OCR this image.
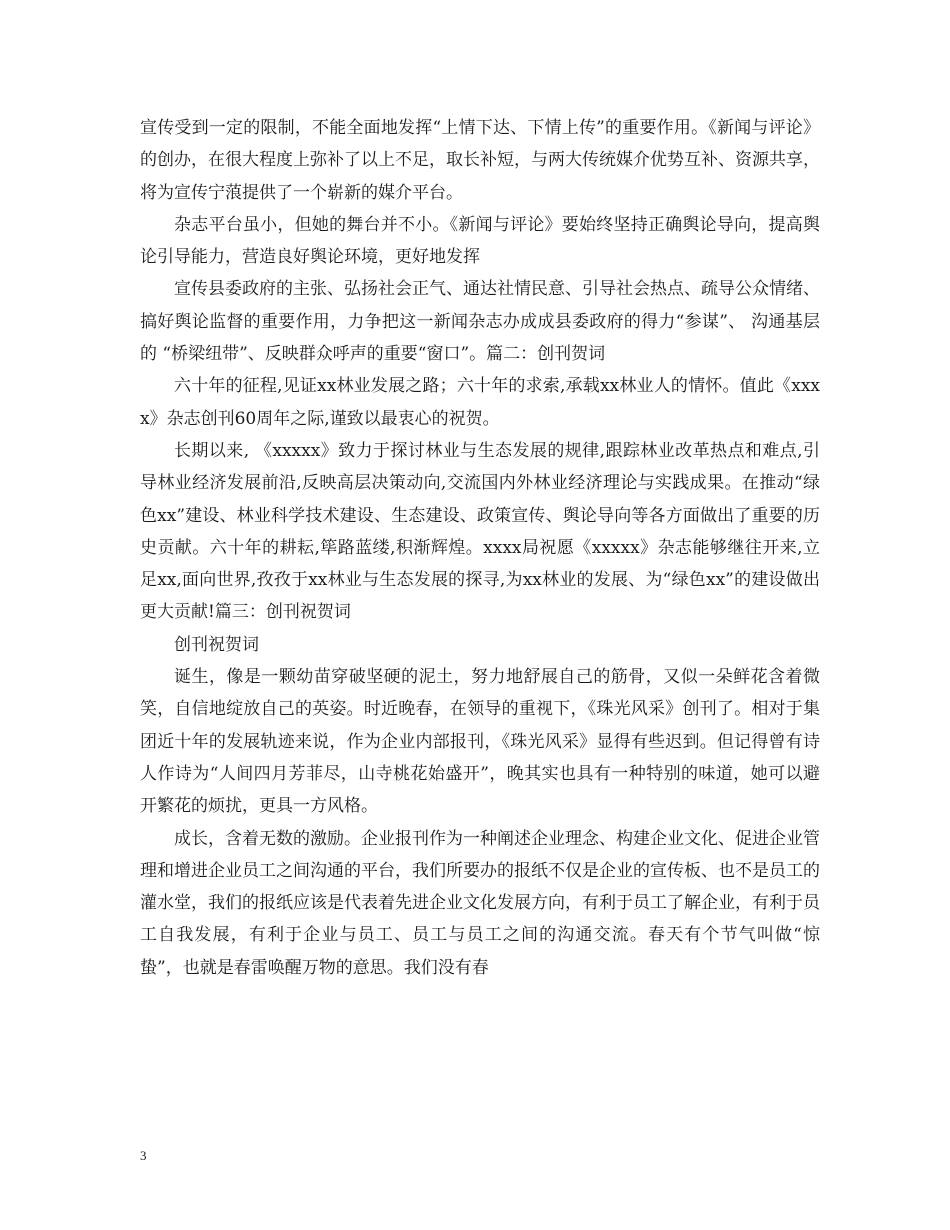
宣传受到一定的限制，不能全面地发挥“上情下达、下情上传”的重要作用。《新闻与评论》的创办，在很大程度上弥补了以上不足，取长补短，与两大传统媒介优势互补、资源共享，将为宣传宁蒗提供了一个崭新的媒介平台。

杂志平台虽小，但她的舞台并不小。《新闻与评论》要始终坚持正确舆论导向，提高舆论引导能力，营造良好舆论环境，更好地发挥

宣传县委政府的主张、弘扬社会正气、通达社情民意、引导社会热点、疏导公众情绪、搞好舆论监督的重要作用，力争把这一新闻杂志办成成县委政府的得力“参谋”、 沟通基层的 “桥梁纽带”、反映群众呼声的重要“窗口”。篇二：创刊贺词

六十年的征程,见证xx林业发展之路；六十年的求索,承载xx林业人的情怀。值此《xxxx》杂志创刊60周年之际,谨致以最衷心的祝贺。

长期以来, 《xxxxx》致力于探讨林业与生态发展的规律,跟踪林业改革热点和难点,引导林业经济发展前沿,反映高层决策动向,交流国内外林业经济理论与实践成果。在推动“绿色xx”建设、林业科学技术建设、生态建设、政策宣传、舆论导向等各方面做出了重要的历史贡献。六十年的耕耘,筚路蓝缕,积渐辉煌。xxxx局祝愿《xxxxx》杂志能够继往开来,立足xx,面向世界,孜孜于xx林业与生态发展的探寻,为xx林业的发展、为“绿色xx”的建设做出更大贡献!篇三：创刊祝贺词

创刊祝贺词

诞生，像是一颗幼苗穿破坚硬的泥土，努力地舒展自己的筋骨，又似一朵鲜花含着微笑，自信地绽放自己的英姿。时近晚春，在领导的重视下，《珠光风采》创刊了。相对于集团近十年的发展轨迹来说，作为企业内部报刊，《珠光风采》显得有些迟到。但记得曾有诗人作诗为“人间四月芳菲尽，山寺桃花始盛开”，晚其实也具有一种特别的味道，她可以避开繁花的烦扰，更具一方风格。

成长，含着无数的激励。企业报刊作为一种阐述企业理念、构建企业文化、促进企业管理和增进企业员工之间沟通的平台，我们所要办的报纸不仅是企业的宣传板、也不是员工的灌水堂，我们的报纸应该是代表着先进企业文化发展方向，有利于员工了解企业，有利于员工自我发展，有利于企业与员工、员工与员工之间的沟通交流。春天有个节气叫做“惊蛰”，也就是春雷唤醒万物的意思。我们没有春

3
